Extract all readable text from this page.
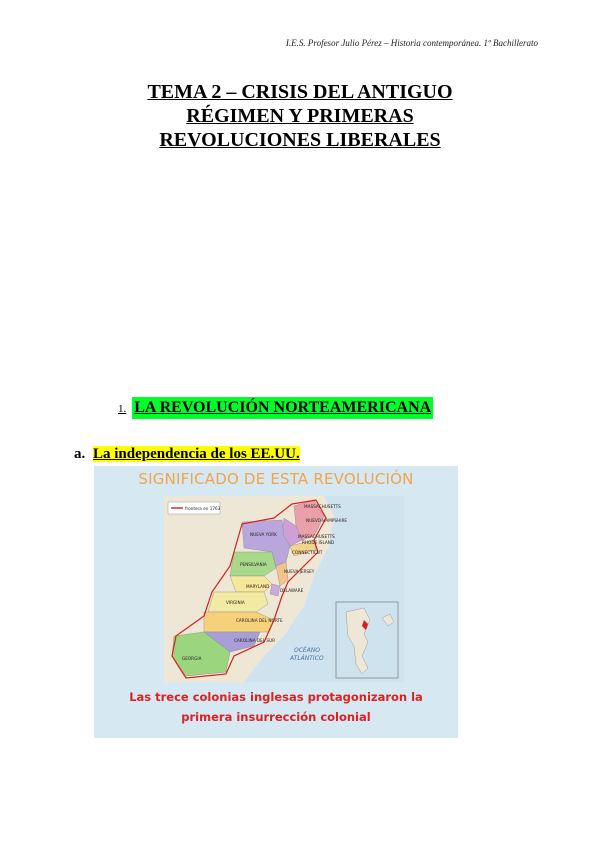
I.E.S. Profesor Julio Pérez – Historia contemporánea. 1º Bachillerato
TEMA 2 – CRISIS DEL ANTIGUO
RÉGIMEN Y PRIMERAS
REVOLUCIONES LIBERALES
1. LA REVOLUCIÓN NORTEAMERICANA
a. La independencia de los EE.UU.
SIGNIFICADO DE ESTA REVOLUCIÓN
frontera en 1763	MASSACHUSETTS
NUEVO HAMPSHIRE
NUEVA YORK	MASSACHUSETTS
RHODE ISLAND
CONNECTICUT
PENSILVANIA
NUEVA JERSEY
MARYLAND
DELAWARE
VIRGINIA
CAROLINA DEL NORTE
CAROLINA DEL SUR
GEORGIA
OCÉANO
ATLÁNTICO
Las trece colonias inglesas protagonizaron la
primera insurrección colonial
